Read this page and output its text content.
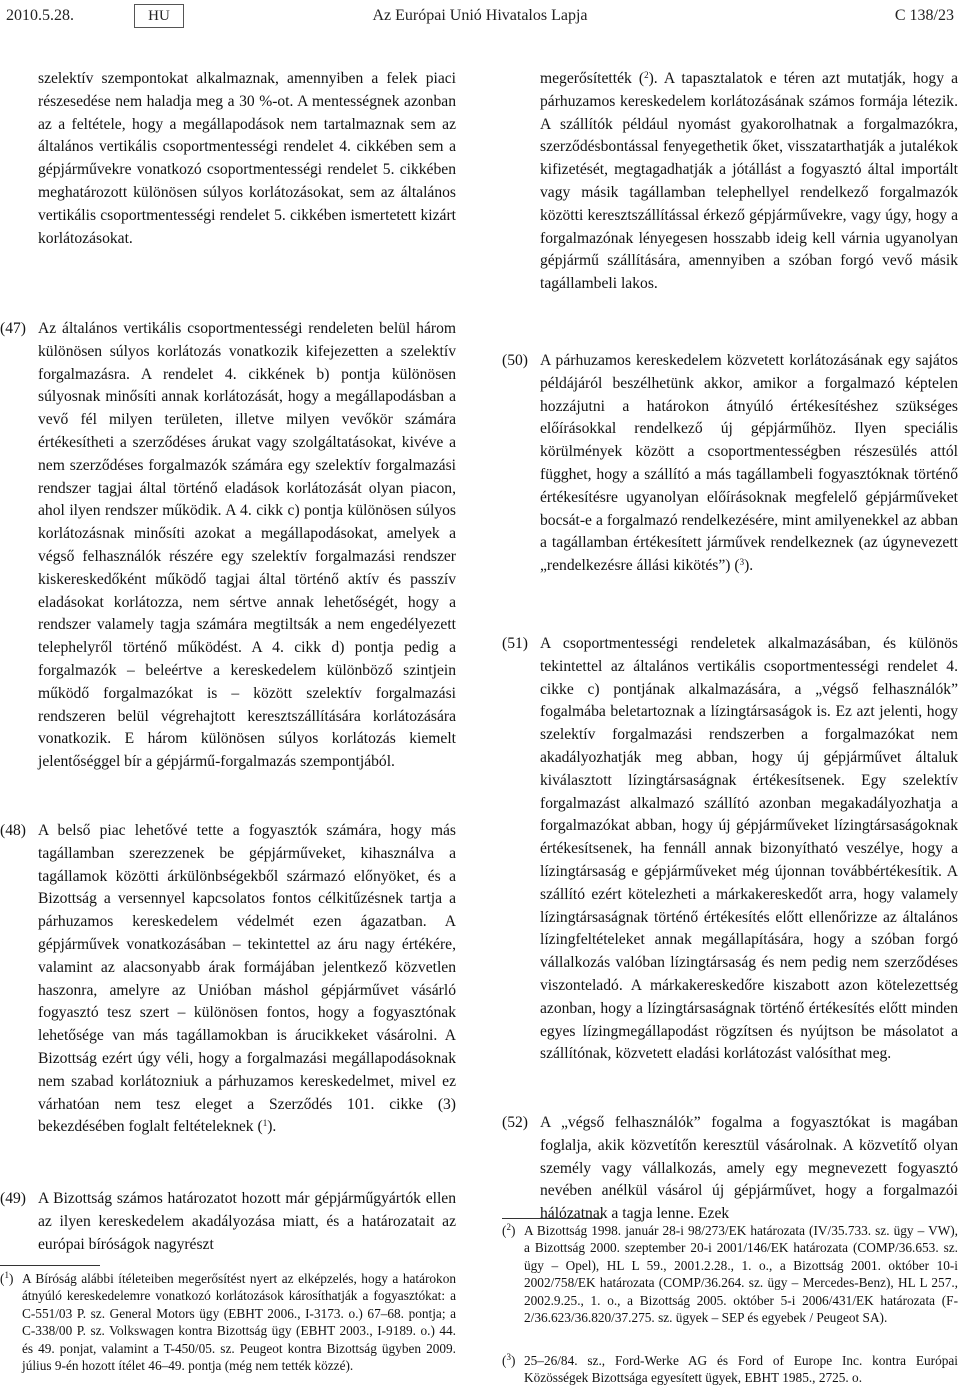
2010.5.28.	HU	Az Európai Unió Hivatalos Lapja	C 138/23

szelektív szempontokat alkalmaznak, amennyiben a felek piaci részesedése nem haladja meg a 30 %-ot. A mentességnek azonban az a feltétele, hogy a megállapodások nem tartalmaznak sem az általános vertikális csoportmentességi rendelet 4. cikkében sem a gépjárművekre vonatkozó csoportmentességi rendelet 5. cikkében meghatározott különösen súlyos korlátozásokat, sem az általános vertikális csoportmentességi rendelet 5. cikkében ismertetett kizárt korlátozásokat.

(47) Az általános vertikális csoportmentességi rendeleten belül három különösen súlyos korlátozás vonatkozik kifejezetten a szelektív forgalmazásra. A rendelet 4. cikkének b) pontja különösen súlyosnak minősíti annak korlátozását, hogy a megállapodásban a vevő fél milyen területen, illetve milyen vevőkör számára értékesítheti a szerződéses árukat vagy szolgáltatásokat, kivéve a nem szerződéses forgalmazók számára egy szelektív forgalmazási rendszer tagjai által történő eladások korlátozását olyan piacon, ahol ilyen rendszer működik. A 4. cikk c) pontja különösen súlyos korlátozásnak minősíti azokat a megállapodásokat, amelyek a végső felhasználók részére egy szelektív forgalmazási rendszer kiskereskedőként működő tagjai által történő aktív és passzív eladásokat korlátozza, nem sértve annak lehetőségét, hogy a rendszer valamely tagja számára megtiltsák a nem engedélyezett telephelyről történő működést. A 4. cikk d) pontja pedig a forgalmazók – beleértve a kereskedelem különböző szintjein működő forgalmazókat is – között szelektív forgalmazási rendszeren belül végrehajtott keresztszállítására korlátozására vonatkozik. E három különösen súlyos korlátozás kiemelt jelentőséggel bír a gépjármű-forgalmazás szempontjából.
(48) A belső piac lehetővé tette a fogyasztók számára, hogy más tagállamban szerezzenek be gépjárműveket, kihasználva a tagállamok közötti árkülönbségekből származó előnyöket, és a Bizottság a versennyel kapcsolatos fontos célkitűzésnek tartja a párhuzamos kereskedelem védelmét ezen ágazatban. A gépjárművek vonatkozásában – tekintettel az áru nagy értékére, valamint az alacsonyabb árak formájában jelentkező közvetlen haszonra, amelyre az Unióban máshol gépjárművet vásárló fogyasztó tesz szert – különösen fontos, hogy a fogyasztónak lehetősége van más tagállamokban is árucikkeket vásárolni. A Bizottság ezért úgy véli, hogy a forgalmazási megállapodásoknak nem szabad korlátozniuk a párhuzamos kereskedelmet, mivel ez várhatóan nem tesz eleget a Szerződés 101. cikke (3) bekezdésében foglalt feltételeknek ($^1$).
(49) A Bizottság számos határozatot hozott már gépjárműgyártók ellen az ilyen kereskedelem akadályozása miatt, és a határozatait az európai bíróságok nagyrészt
($^1$) A Bíróság alábbi ítéleteiben megerősítést nyert az elképzelés, hogy a határokon átnyúló kereskedelemre vonatkozó korlátozások károsíthatják a fogyasztókat: a C-551/03 P. sz. General Motors ügy (EBHT 2006., I-3173. o.) 67–68. pontja; a C-338/00 P. sz. Volkswagen kontra Bizottság ügy (EBHT 2003., I-9189. o.) 44. és 49. ponjat, valamint a T-450/05. sz. Peugeot kontra Bizottság ügyben 2009. július 9-én hozott ítélet 46–49. pontja (még nem tették közzé).

megerősítették ($^2$). A tapasztalatok e téren azt mutatják, hogy a párhuzamos kereskedelem korlátozásának számos formája létezik. A szállítók például nyomást gyakorolhatnak a forgalmazókra, szerződésbontással fenyegethetik őket, visszatarthatják a jutalékok kifizetését, megtagadhatják a jótállást a fogyasztó által importált vagy másik tagállamban telephellyel rendelkező forgalmazók közötti keresztszállítással érkező gépjárművekre, vagy úgy, hogy a forgalmazónak lényegesen hosszabb ideig kell várnia ugyanolyan gépjármű szállítására, amennyiben a szóban forgó vevő másik tagállambeli lakos.

(50) A párhuzamos kereskedelem közvetett korlátozásának egy sajátos példájáról beszélhetünk akkor, amikor a forgalmazó képtelen hozzájutni a határokon átnyúló értékesítéshez szükséges előírásokkal rendelkező új gépjárműhöz. Ilyen speciális körülmények között a csoportmentességben részesülés attól függhet, hogy a szállító a más tagállambeli fogyasztóknak történő értékesítésre ugyanolyan előírásoknak megfelelő gépjárműveket bocsát-e a forgalmazó rendelkezésére, mint amilyenekkel az abban a tagállamban értékesített járművek rendelkeznek (az úgynevezett „rendelkezésre állási kikötés”) ($^3$).
(51) A csoportmentességi rendeletek alkalmazásában, és különös tekintettel az általános vertikális csoportmentességi rendelet 4. cikke c) pontjának alkalmazására, a „végső felhasználók” fogalmába beletartoznak a lízingtársaságok is. Ez azt jelenti, hogy szelektív forgalmazási rendszerben a forgalmazókat nem akadályozhatják meg abban, hogy új gépjárművet általuk kiválasztott lízingtársaságnak értékesítsenek. Egy szelektív forgalmazást alkalmazó szállító azonban megakadályozhatja a forgalmazókat abban, hogy új gépjárműveket lízingtársaságoknak értékesítsenek, ha fennáll annak bizonyítható veszélye, hogy a lízingtársaság e gépjárműveket még újonnan továbbértékesítik. A szállító ezért kötelezheti a márkakereskedőt arra, hogy valamely lízingtársaságnak történő értékesítés előtt ellenőrizze az általános lízingfeltételeket annak megállapítására, hogy a szóban forgó vállalkozás valóban lízingtársaság és nem pedig nem szerződéses viszonteladó. A márkakereskedőre kiszabott azon kötelezettség azonban, hogy a lízingtársaságnak történő értékesítés előtt minden egyes lízingmegállapodást rögzítsen és nyújtson be másolatot a szállítónak, közvetett eladási korlátozást valósíthat meg.
(52) A „végső felhasználók” fogalma a fogyasztókat is magában foglalja, akik közvetítőn keresztül vásárolnak. A közvetítő olyan személy vagy vállalkozás, amely egy megnevezett fogyasztó nevében anélkül vásárol új gépjárművet, hogy a forgalmazói hálózatnak a tagja lenne. Ezek
($^2$) A Bizottság 1998. január 28-i 98/273/EK határozata (IV/35.733. sz. ügy – VW), a Bizottság 2000. szeptember 20-i 2001/146/EK határozata (COMP/36.653. sz. ügy – Opel), HL L 59., 2001.2.28., 1. o., a Bizottság 2001. október 10-i 2002/758/EK határozata (COMP/36.264. sz. ügy – Mercedes-Benz), HL L 257., 2002.9.25., 1. o., a Bizottság 2005. október 5-i 2006/431/EK határozata (F-2/36.623/36.820/37.275. sz. ügyek – SEP és egyebek / Peugeot SA).
($^3$) 25–26/84. sz., Ford-Werke AG és Ford of Europe Inc. kontra Európai Közösségek Bizottsága egyesített ügyek, EBHT 1985., 2725. o.
